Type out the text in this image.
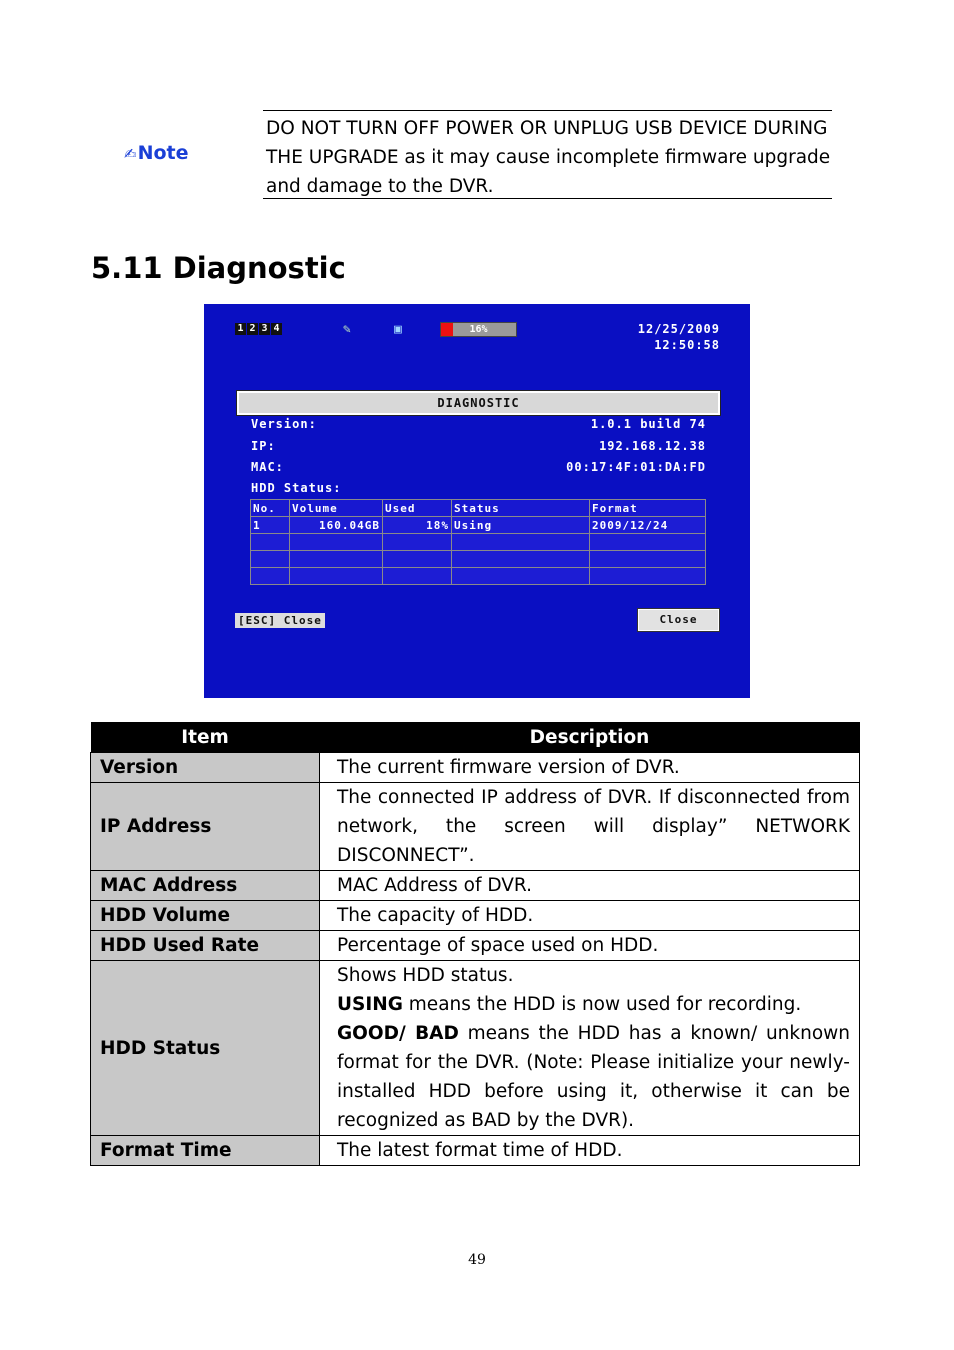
✍Note

DO NOT TURN OFF POWER OR UNPLUG USB DEVICE DURING THE UPGRADE as it may cause incomplete firmware upgrade and damage to the DVR.

5.11 Diagnostic
1 2 3 4	✎	▣	16%	12/25/2009
12:50:58
DIAGNOSTIC
Version:	1.0.1 build 74
IP:	192.168.12.38
MAC:	00:17:4F:01:DA:FD
HDD Status:
No.	Volume	Used	Status	Format
1	160.04GB	18%	Using	2009/12/24

[ESC] Close	Close
Item	Description
Version	The current firmware version of DVR.
IP Address	The connected IP address of DVR. If disconnected from network, the screen will display” NETWORK DISCONNECT”.
MAC Address	MAC Address of DVR.
HDD Volume	The capacity of HDD.
HDD Used Rate	Percentage of space used on HDD.
HDD Status	Shows HDD status.
USING means the HDD is now used for recording.
GOOD/ BAD means the HDD has a known/ unknown format for the DVR. (Note: Please initialize your newly-installed HDD before using it, otherwise it can be recognized as BAD by the DVR).

Format Time	The latest format time of HDD.
49
